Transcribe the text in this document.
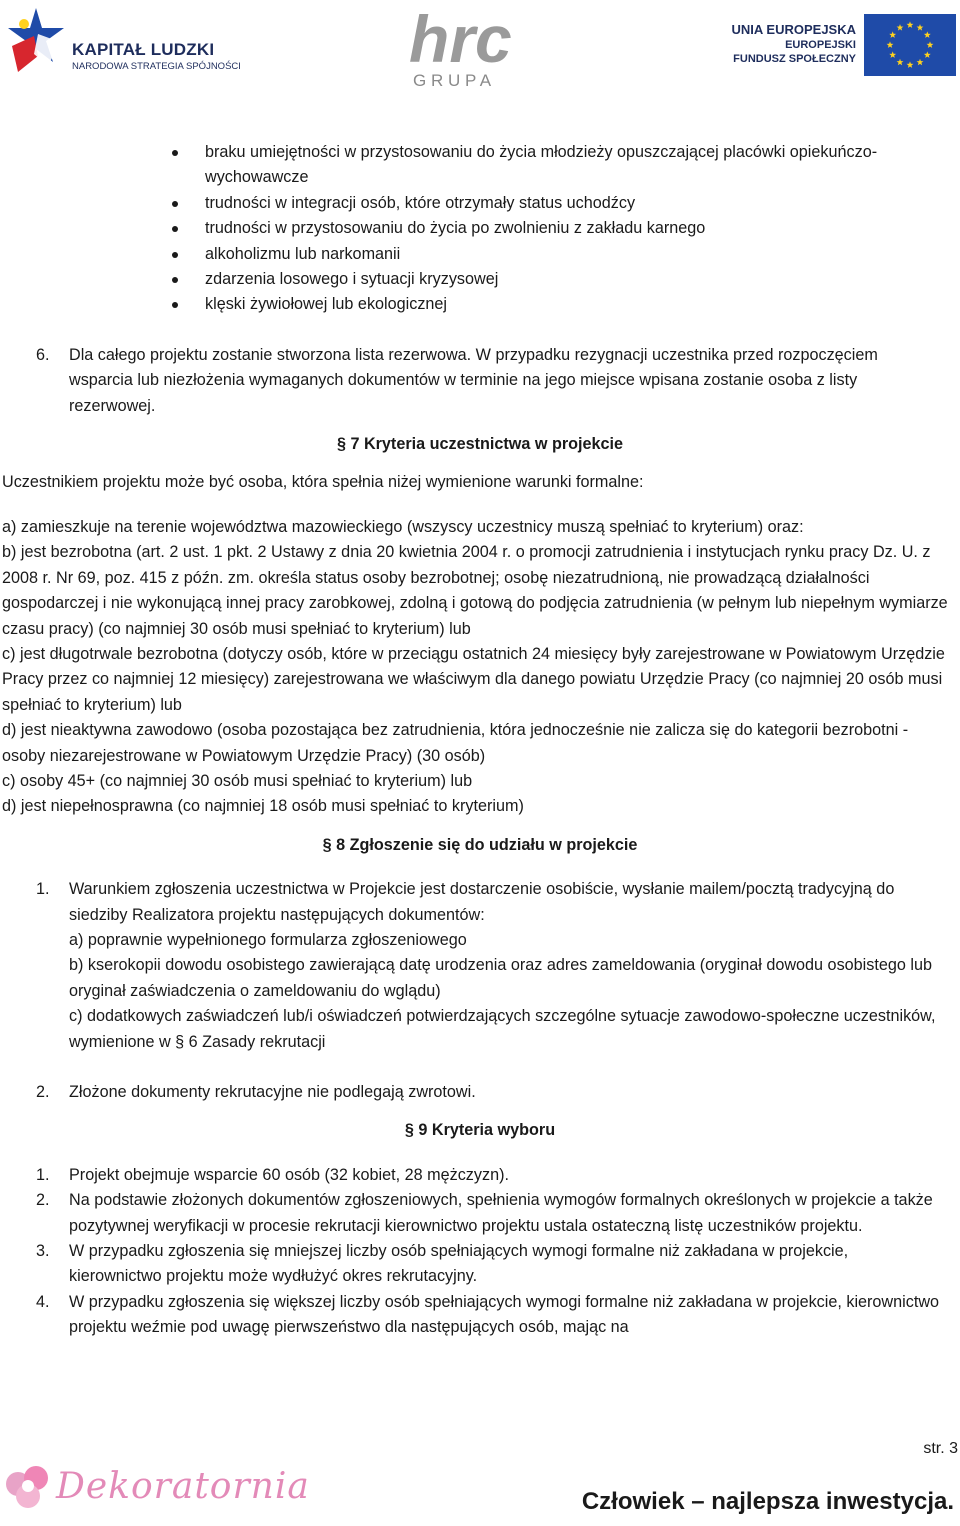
KAPITAŁ LUDZKI
NARODOWA STRATEGIA SPÓJNOŚCI	hrc
G R U P A
UNIA EUROPEJSKA
EUROPEJSKI
FUNDUSZ SPOŁECZNY
braku umiejętności w przystosowaniu do życia młodzieży opuszczającej placówki opiekuńczo-wychowawcze
trudności w integracji osób, które otrzymały status uchodźcy
trudności w przystosowaniu do życia po zwolnieniu z zakładu karnego
alkoholizmu lub narkomanii
zdarzenia losowego i sytuacji kryzysowej
klęski żywiołowej lub ekologicznej
6. Dla całego projektu zostanie stworzona lista rezerwowa. W przypadku rezygnacji uczestnika przed rozpoczęciem wsparcia lub niezłożenia wymaganych dokumentów w terminie na jego miejsce wpisana zostanie osoba z listy rezerwowej.
§ 7 Kryteria uczestnictwa w projekcie
Uczestnikiem projektu może być osoba, która spełnia niżej wymienione warunki formalne:
a) zamieszkuje na terenie województwa mazowieckiego (wszyscy uczestnicy muszą spełniać to kryterium) oraz:
b) jest bezrobotna (art. 2 ust. 1 pkt. 2 Ustawy z dnia 20 kwietnia 2004 r. o promocji zatrudnienia i instytucjach rynku pracy Dz. U. z 2008 r. Nr 69, poz. 415 z późn. zm. określa status osoby bezrobotnej; osobę niezatrudnioną, nie prowadzącą działalności gospodarczej i nie wykonującą innej pracy zarobkowej, zdolną i gotową do podjęcia zatrudnienia (w pełnym lub niepełnym wymiarze czasu pracy) (co najmniej 30 osób musi spełniać to kryterium) lub
c) jest długotrwale bezrobotna (dotyczy osób, które w przeciągu ostatnich 24 miesięcy były zarejestrowane w Powiatowym Urzędzie Pracy przez co najmniej 12 miesięcy) zarejestrowana we właściwym dla danego powiatu Urzędzie Pracy (co najmniej 20 osób musi spełniać to kryterium) lub
d) jest nieaktywna zawodowo (osoba pozostająca bez zatrudnienia, która jednocześnie nie zalicza się do kategorii bezrobotni - osoby niezarejestrowane w Powiatowym Urzędzie Pracy) (30 osób)
c) osoby 45+ (co najmniej 30 osób musi spełniać to kryterium) lub
d) jest niepełnosprawna (co najmniej 18 osób musi spełniać to kryterium)
§ 8 Zgłoszenie się do udziału w projekcie
1. Warunkiem zgłoszenia uczestnictwa w Projekcie jest dostarczenie osobiście, wysłanie mailem/pocztą tradycyjną do siedziby Realizatora projektu następujących dokumentów:
a) poprawnie wypełnionego formularza zgłoszeniowego
b) kserokopii dowodu osobistego zawierającą datę urodzenia oraz adres zameldowania (oryginał dowodu osobistego lub oryginał zaświadczenia o zameldowaniu do wglądu)
c) dodatkowych zaświadczeń lub/i oświadczeń potwierdzających szczególne sytuacje zawodowo-społeczne uczestników, wymienione w § 6 Zasady rekrutacji
2. Złożone dokumenty rekrutacyjne nie podlegają zwrotowi.
§ 9 Kryteria wyboru
1. Projekt obejmuje wsparcie 60 osób (32 kobiet, 28 mężczyzn).
2. Na podstawie złożonych dokumentów zgłoszeniowych, spełnienia wymogów formalnych określonych w projekcie a także pozytywnej weryfikacji w procesie rekrutacji kierownictwo projektu ustala ostateczną listę uczestników projektu.
3. W przypadku zgłoszenia się mniejszej liczby osób spełniających wymogi formalne niż zakładana w projekcie, kierownictwo projektu może wydłużyć okres rekrutacyjny.
4. W przypadku zgłoszenia się większej liczby osób spełniających wymogi formalne niż zakładana w projekcie, kierownictwo projektu weźmie pod uwagę pierwszeństwo dla następujących osób, mając na
str. 3
Dekoratornia	Człowiek – najlepsza inwestycja.
